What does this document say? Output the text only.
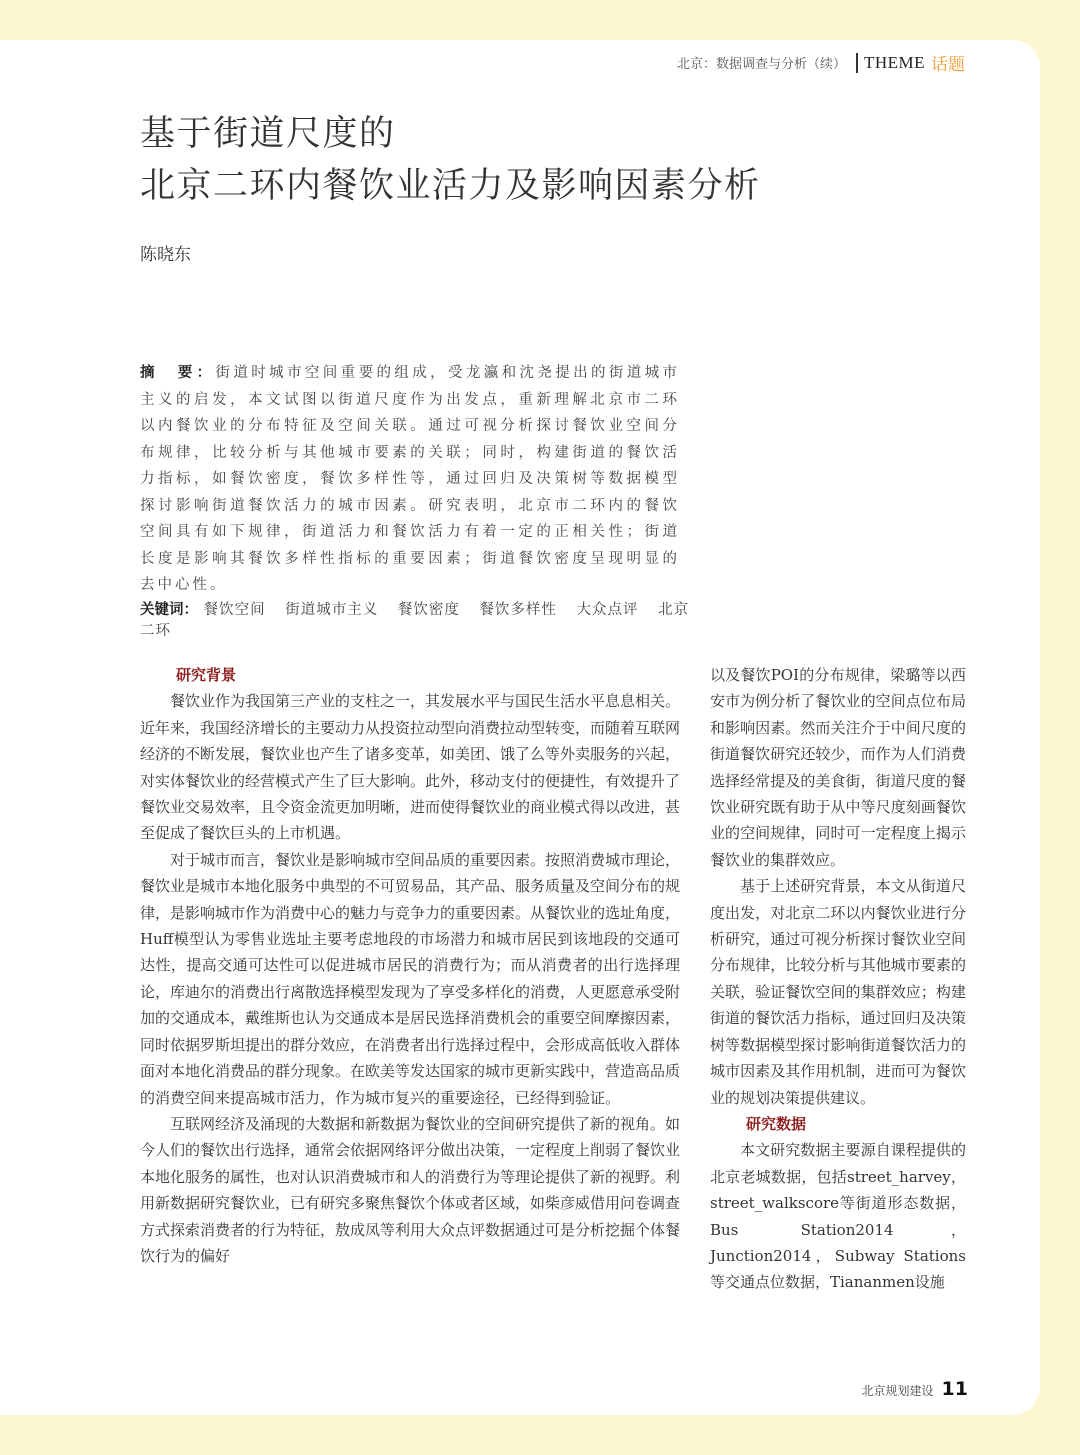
北京：数据调查与分析（续） THEME 话题
基于街道尺度的
北京二环内餐饮业活力及影响因素分析
陈晓东
摘　要：街道时城市空间重要的组成，受龙瀛和沈尧提出的街道城市主义的启发，本文试图以街道尺度作为出发点，重新理解北京市二环以内餐饮业的分布特征及空间关联。通过可视分析探讨餐饮业空间分布规律，比较分析与其他城市要素的关联；同时，构建街道的餐饮活力指标，如餐饮密度，餐饮多样性等，通过回归及决策树等数据模型探讨影响街道餐饮活力的城市因素。研究表明，北京市二环内的餐饮空间具有如下规律，街道活力和餐饮活力有着一定的正相关性；街道长度是影响其餐饮多样性指标的重要因素；街道餐饮密度呈现明显的去中心性。
关键词： 餐饮空间 街道城市主义 餐饮密度 餐饮多样性 大众点评 北京二环
研究背景

餐饮业作为我国第三产业的支柱之一，其发展水平与国民生活水平息息相关。近年来，我国经济增长的主要动力从投资拉动型向消费拉动型转变，而随着互联网经济的不断发展，餐饮业也产生了诸多变革，如美团、饿了么等外卖服务的兴起，对实体餐饮业的经营模式产生了巨大影响。此外，移动支付的便捷性，有效提升了餐饮业交易效率，且令资金流更加明晰，进而使得餐饮业的商业模式得以改进，甚至促成了餐饮巨头的上市机遇。

对于城市而言，餐饮业是影响城市空间品质的重要因素。按照消费城市理论，餐饮业是城市本地化服务中典型的不可贸易品，其产品、服务质量及空间分布的规律，是影响城市作为消费中心的魅力与竞争力的重要因素。从餐饮业的选址角度，Huff模型认为零售业选址主要考虑地段的市场潜力和城市居民到该地段的交通可达性，提高交通可达性可以促进城市居民的消费行为；而从消费者的出行选择理论，库迪尔的消费出行离散选择模型发现为了享受多样化的消费，人更愿意承受附加的交通成本，戴维斯也认为交通成本是居民选择消费机会的重要空间摩擦因素，同时依据罗斯坦提出的群分效应，在消费者出行选择过程中，会形成高低收入群体面对本地化消费品的群分现象。在欧美等发达国家的城市更新实践中，营造高品质的消费空间来提高城市活力，作为城市复兴的重要途径，已经得到验证。

互联网经济及涌现的大数据和新数据为餐饮业的空间研究提供了新的视角。如今人们的餐饮出行选择，通常会依据网络评分做出决策，一定程度上削弱了餐饮业本地化服务的属性，也对认识消费城市和人的消费行为等理论提供了新的视野。利用新数据研究餐饮业，已有研究多聚焦餐饮个体或者区域，如柴彦威借用问卷调查方式探索消费者的行为特征，敖成凤等利用大众点评数据通过可是分析挖掘个体餐饮行为的偏好

以及餐饮POI的分布规律，梁璐等以西安市为例分析了餐饮业的空间点位布局和影响因素。然而关注介于中间尺度的街道餐饮研究还较少，而作为人们消费选择经常提及的美食街，街道尺度的餐饮业研究既有助于从中等尺度刻画餐饮业的空间规律，同时可一定程度上揭示餐饮业的集群效应。

基于上述研究背景，本文从街道尺度出发，对北京二环以内餐饮业进行分析研究，通过可视分析探讨餐饮业空间分布规律，比较分析与其他城市要素的关联，验证餐饮空间的集群效应；构建街道的餐饮活力指标，通过回归及决策树等数据模型探讨影响街道餐饮活力的城市因素及其作用机制，进而可为餐饮业的规划决策提供建议。

研究数据

本文研究数据主要源自课程提供的北京老城数据，包括street_harvey，street_walkscore等街道形态数据，Bus Station2014，Junction2014，Subway Stations等交通点位数据，Tiananmen设施

北京规划建设 11
